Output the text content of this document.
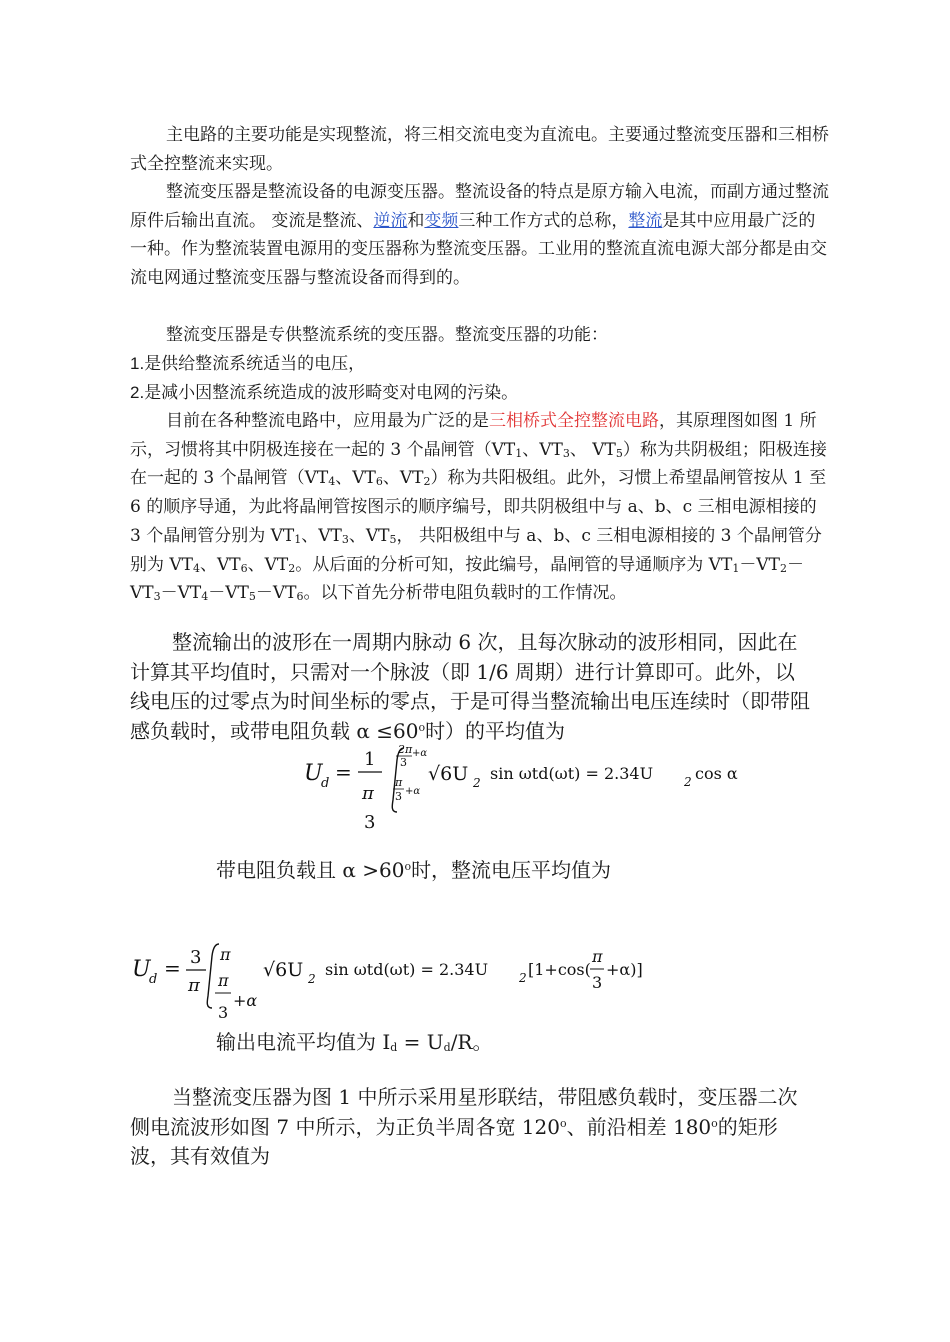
主电路的主要功能是实现整流，将三相交流电变为直流电。主要通过整流变压器和三相桥式全控整流来实现。

整流变压器是整流设备的电源变压器。整流设备的特点是原方输入电流，而副方通过整流原件后输出直流。 变流是整流、逆流和变频三种工作方式的总称，整流是其中应用最广泛的一种。作为整流装置电源用的变压器称为整流变压器。工业用的整流直流电源大部分都是由交流电网通过整流变压器与整流设备而得到的。

整流变压器是专供整流系统的变压器。整流变压器的功能：

1.是供给整流系统适当的电压，

2.是减小因整流系统造成的波形畸变对电网的污染。

目前在各种整流电路中，应用最为广泛的是三相桥式全控整流电路，其原理图如图 1 所示，习惯将其中阴极连接在一起的 3 个晶闸管（$VT_1$、$VT_3$、 $VT_5$）称为共阴极组；阳极连接在一起的 3 个晶闸管（$VT_4$、$VT_6$、$VT_2$）称为共阳极组。此外，习惯上希望晶闸管按从 1 至 6 的顺序导通，为此将晶闸管按图示的顺序编号，即共阴极组中与 a、b、c 三相电源相接的 3 个晶闸管分别为 $VT_1$、$VT_3$、$VT_5$， 共阳极组中与 a、b、c 三相电源相接的 3 个晶闸管分别为 $VT_4$、$VT_6$、$VT_2$。从后面的分析可知，按此编号，晶闸管的导通顺序为 $VT_1-VT_2-VT_3-VT_4-VT_5-VT_6$。以下首先分析带电阻负载时的工作情况。

整流输出的波形在一周期内脉动 6 次，且每次脉动的波形相同，因此在计算其平均值时，只需对一个脉波（即 1/6 周期）进行计算即可。此外，以线电压的过零点为时间坐标的零点，于是可得当整流输出电压连续时（即带阻感负载时，或带电阻负载 $\alpha \le 60^o$时）的平均值为

U
d =
1
π
3
2π
3
+α
π
3 +α
√6U 2 sin ωtd(ωt) = 2.34U	2 cos α

带电阻负载且 $\alpha >60^o$时，整流电压平均值为

U
d = 3
π
π
π
3
+α
√6U 2 sin ωtd(ωt) = 2.34U	2 [1+cos(
π
3
+α)]

输出电流平均值为 $I_d = U_d/R$。

当整流变压器为图 1 中所示采用星形联结，带阻感负载时，变压器二次侧电流波形如图 7 中所示，为正负半周各宽 120$^o$、前沿相差 180$^o$的矩形波，其有效值为
